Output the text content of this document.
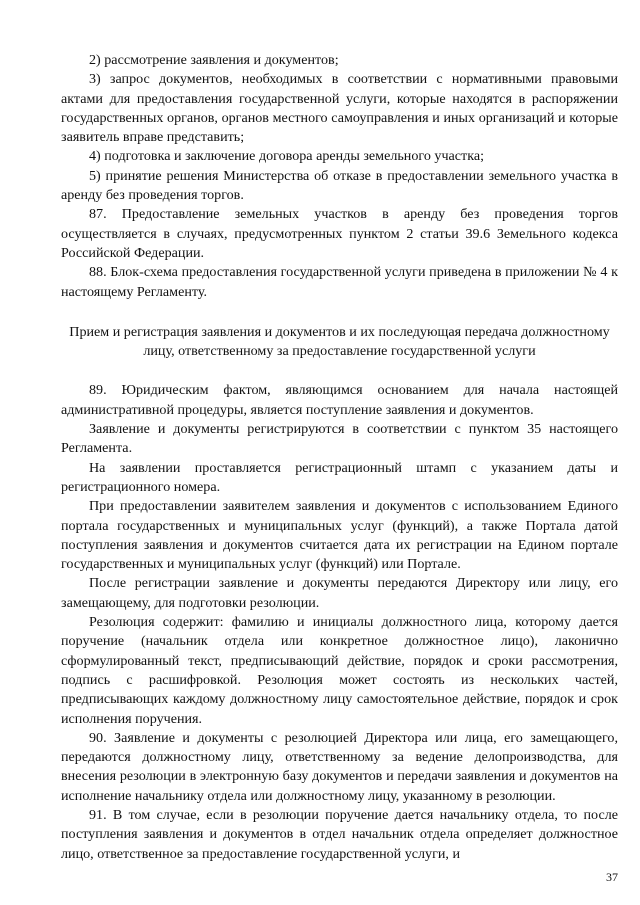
2) рассмотрение заявления и документов;

3) запрос документов, необходимых в соответствии с нормативными правовыми актами для предоставления государственной услуги, которые находятся в распоряжении государственных органов, органов местного самоуправления и иных организаций и которые заявитель вправе представить;

4) подготовка и заключение договора аренды земельного участка;

5) принятие решения Министерства об отказе в предоставлении земельного участка в аренду без проведения торгов.

87. Предоставление земельных участков в аренду без проведения торгов осуществляется в случаях, предусмотренных пунктом 2 статьи 39.6 Земельного кодекса Российской Федерации.

88. Блок-схема предоставления государственной услуги приведена в приложении № 4 к настоящему Регламенту.

Прием и регистрация заявления и документов и их последующая передача должностному лицу, ответственному за предоставление государственной услуги

89. Юридическим фактом, являющимся основанием для начала настоящей административной процедуры, является поступление заявления и документов.

Заявление и документы регистрируются в соответствии с пунктом 35 настоящего Регламента.

На заявлении проставляется регистрационный штамп с указанием даты и регистрационного номера.

При предоставлении заявителем заявления и документов с использованием Единого портала государственных и муниципальных услуг (функций), а также Портала датой поступления заявления и документов считается дата их регистрации на Едином портале государственных и муниципальных услуг (функций) или Портале.

После регистрации заявление и документы передаются Директору или лицу, его замещающему, для подготовки резолюции.

Резолюция содержит: фамилию и инициалы должностного лица, которому дается поручение (начальник отдела или конкретное должностное лицо), лаконично сформулированный текст, предписывающий действие, порядок и сроки рассмотрения, подпись с расшифровкой. Резолюция может состоять из нескольких частей, предписывающих каждому должностному лицу самостоятельное действие, порядок и срок исполнения поручения.

90. Заявление и документы с резолюцией Директора или лица, его замещающего, передаются должностному лицу, ответственному за ведение делопроизводства, для внесения резолюции в электронную базу документов и передачи заявления и документов на исполнение начальнику отдела или должностному лицу, указанному в резолюции.

91. В том случае, если в резолюции поручение дается начальнику отдела, то после поступления заявления и документов в отдел начальник отдела определяет должностное лицо, ответственное за предоставление государственной услуги, и

37
